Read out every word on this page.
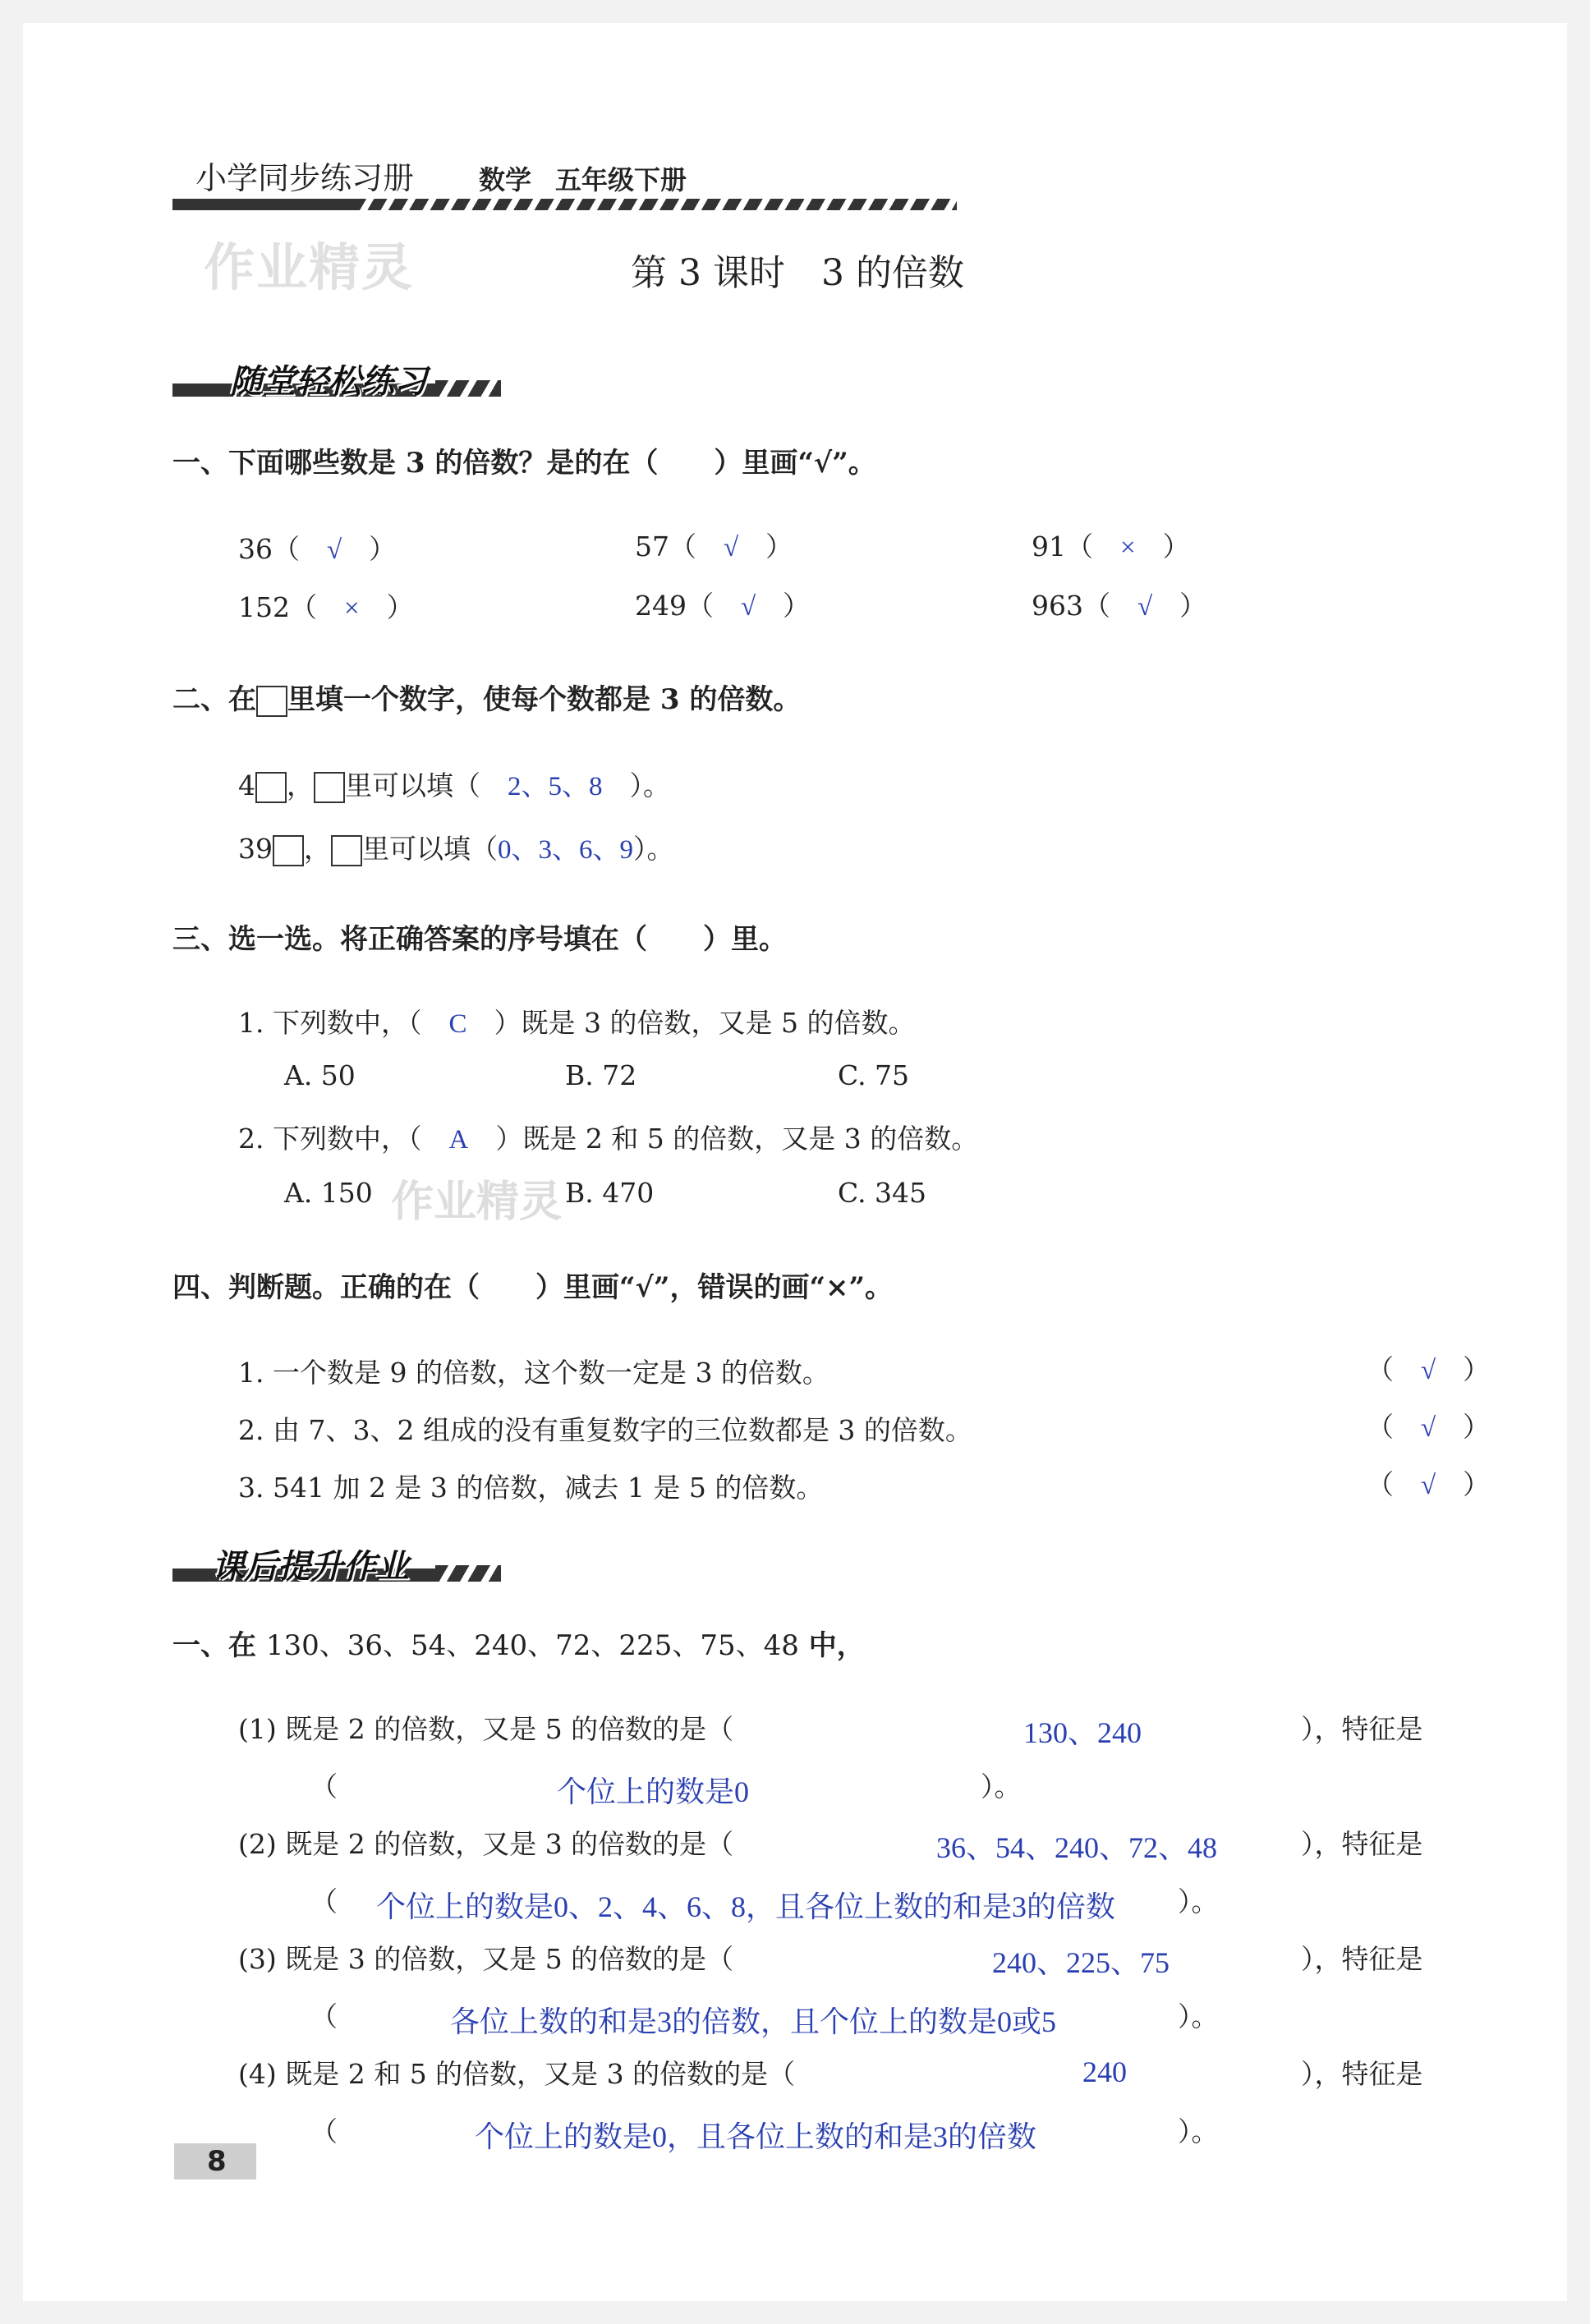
小学同步练习册 数学 五年级下册
作业精灵	第 3 课时　3 的倍数
随堂轻松练习
一、下面哪些数是 3 的倍数？是的在（　　）里画“√”。
36（　√　）	57（　√　）	91（　×　）
152（　×　）	249（　√　）	963（　√　）
二、在 里填一个数字，使每个数都是 3 的倍数。
4 ， 里可以填（　 2、5、8　 ）。
39 ， 里可以填（0、3、6、9）。
三、选一选。将正确答案的序号填在（　　）里。
1. 下列数中，（　 C　 ）既是 3 的倍数，又是 5 的倍数。
A. 50	B. 72	C. 75
2. 下列数中，（　 A　 ）既是 2 和 5 的倍数，又是 3 的倍数。
A. 150	B. 470	C. 345
作业精灵
四、判断题。正确的在（　　）里画“√”，错误的画“×”。
1. 一个数是 9 的倍数，这个数一定是 3 的倍数。	（　√　）
2. 由 7、3、2 组成的没有重复数字的三位数都是 3 的倍数。	（　√　）
3. 541 加 2 是 3 的倍数，减去 1 是 5 的倍数。	（　√　）
课后提升作业
一、在 130、36、54、240、72、225、75、48 中，
(1) 既是 2 的倍数，又是 5 的倍数的是（	130、240	），特征是
（	个位上的数是0	）。
(2) 既是 2 的倍数，又是 3 的倍数的是（	36、54、240、72、48	），特征是
（ 个位上的数是0、2、4、6、8，且各位上数的和是3的倍数 ）。
(3) 既是 3 的倍数，又是 5 的倍数的是（	240、225、75	），特征是
（	各位上数的和是3的倍数，且个位上的数是0或5	）。
(4) 既是 2 和 5 的倍数，又是 3 的倍数的是（	240	），特征是
（	个位上的数是0，且各位上数的和是3的倍数	）。
8
